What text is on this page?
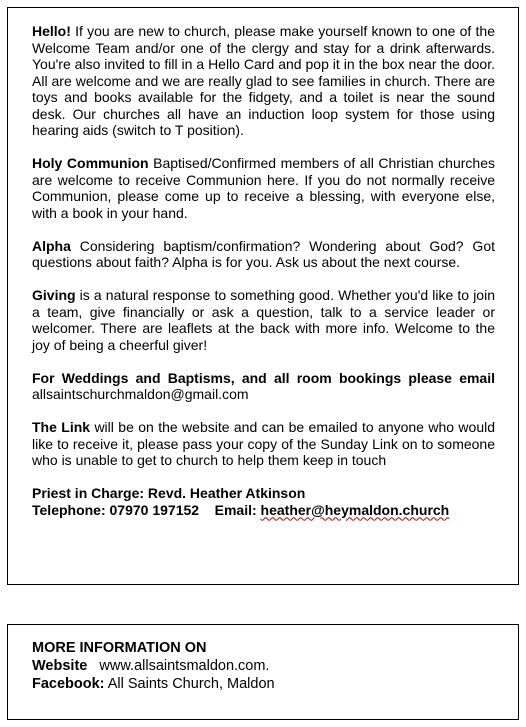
Hello! If you are new to church, please make yourself known to one of the Welcome Team and/or one of the clergy and stay for a drink afterwards. You're also invited to fill in a Hello Card and pop it in the box near the door. All are welcome and we are really glad to see families in church. There are toys and books available for the fidgety, and a toilet is near the sound desk. Our churches all have an induction loop system for those using hearing aids (switch to T position).

Holy Communion Baptised/Confirmed members of all Christian churches are welcome to receive Communion here. If you do not normally receive Communion, please come up to receive a blessing, with everyone else, with a book in your hand.

Alpha Considering baptism/confirmation? Wondering about God? Got questions about faith? Alpha is for you. Ask us about the next course.

Giving is a natural response to something good. Whether you'd like to join a team, give financially or ask a question, talk to a service leader or welcomer. There are leaflets at the back with more info. Welcome to the joy of being a cheerful giver!

For Weddings and Baptisms, and all room bookings please email allsaintschurchmaldon@gmail.com

The Link will be on the website and can be emailed to anyone who would like to receive it, please pass your copy of the Sunday Link on to someone who is unable to get to church to help them keep in touch

Priest in Charge: Revd. Heather Atkinson
Telephone: 07970 197152    Email: heather@heymaldon.church
MORE INFORMATION ON
Website   www.allsaintsmaldon.com.
Facebook: All Saints Church, Maldon
